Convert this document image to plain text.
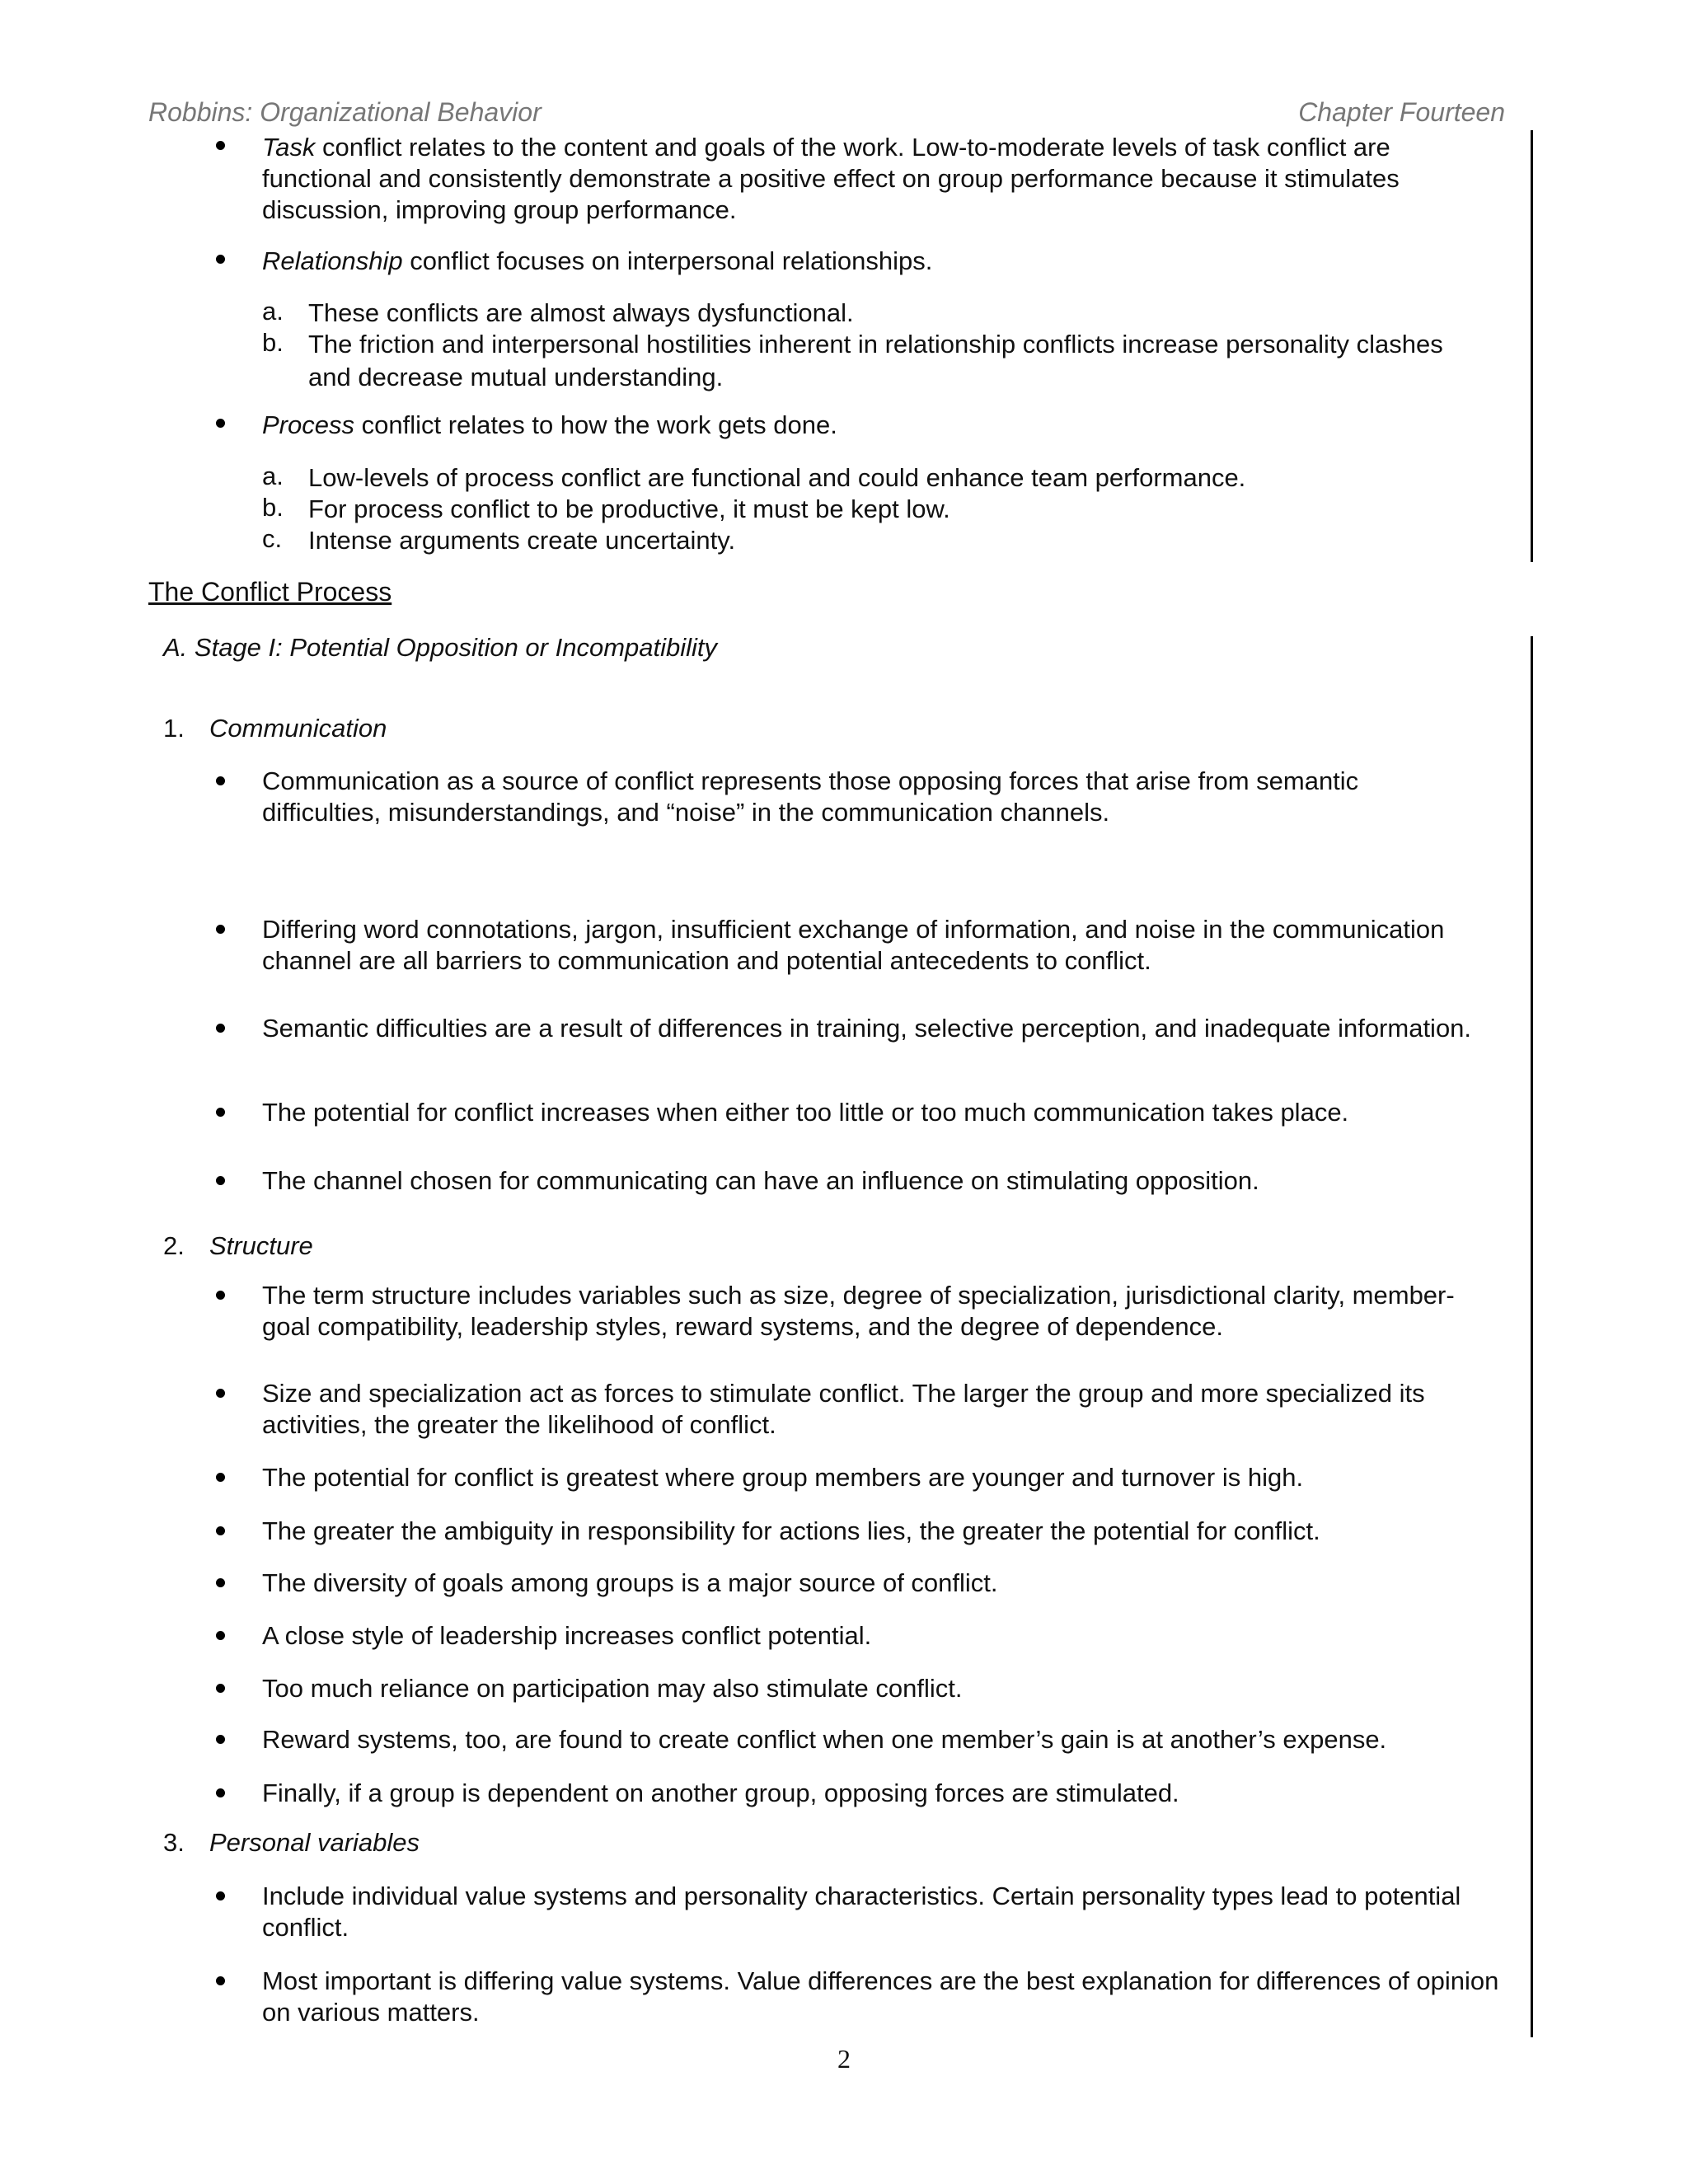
Robbins: Organizational Behavior	Chapter Fourteen
Task conflict relates to the content and goals of the work. Low-to-moderate levels of task conflict are functional and consistently demonstrate a positive effect on group performance because it stimulates discussion, improving group performance.
Relationship conflict focuses on interpersonal relationships.
a. These conflicts are almost always dysfunctional.
b. The friction and interpersonal hostilities inherent in relationship conflicts increase personality clashes and decrease mutual understanding.
Process conflict relates to how the work gets done.
a. Low-levels of process conflict are functional and could enhance team performance.
b. For process conflict to be productive, it must be kept low.
c. Intense arguments create uncertainty.
The Conflict Process
A. Stage I: Potential Opposition or Incompatibility
1. Communication
Communication as a source of conflict represents those opposing forces that arise from semantic difficulties, misunderstandings, and “noise” in the communication channels.
Differing word connotations, jargon, insufficient exchange of information, and noise in the communication channel are all barriers to communication and potential antecedents to conflict.
Semantic difficulties are a result of differences in training, selective perception, and inadequate information.
The potential for conflict increases when either too little or too much communication takes place.
The channel chosen for communicating can have an influence on stimulating opposition.
2. Structure
The term structure includes variables such as size, degree of specialization, jurisdictional clarity, member-goal compatibility, leadership styles, reward systems, and the degree of dependence.
Size and specialization act as forces to stimulate conflict. The larger the group and more specialized its activities, the greater the likelihood of conflict.
The potential for conflict is greatest where group members are younger and turnover is high.
The greater the ambiguity in responsibility for actions lies, the greater the potential for conflict.
The diversity of goals among groups is a major source of conflict.
A close style of leadership increases conflict potential.
Too much reliance on participation may also stimulate conflict.
Reward systems, too, are found to create conflict when one member’s gain is at another’s expense.
Finally, if a group is dependent on another group, opposing forces are stimulated.
3. Personal variables
Include individual value systems and personality characteristics. Certain personality types lead to potential conflict.
Most important is differing value systems. Value differences are the best explanation for differences of opinion on various matters.
2
